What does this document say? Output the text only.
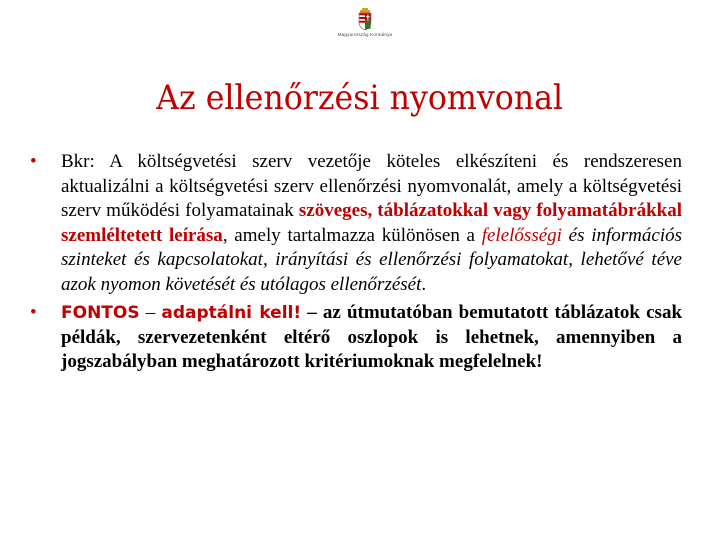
Magyarország Kormánya
Az ellenőrzési nyomvonal
• Bkr: A költségvetési szerv vezetője köteles elkészíteni és rendszeresen aktualizálni a költségvetési szerv ellenőrzési nyomvonalát, amely a költségvetési szerv működési folyamatainak szöveges, táblázatokkal vagy folyamatábrákkal szemléltetett leírása, amely tartalmazza különösen a felelősségi és információs szinteket és kapcsolatokat, irányítási és ellenőrzési folyamatokat, lehetővé téve azok nyomon követését és utólagos ellenőrzését.
• FONTOS – adaptálni kell! – az útmutatóban bemutatott táblázatok csak példák, szervezetenként eltérő oszlopok is lehetnek, amennyiben a jogszabályban meghatározott kritériumoknak megfelelnek!
